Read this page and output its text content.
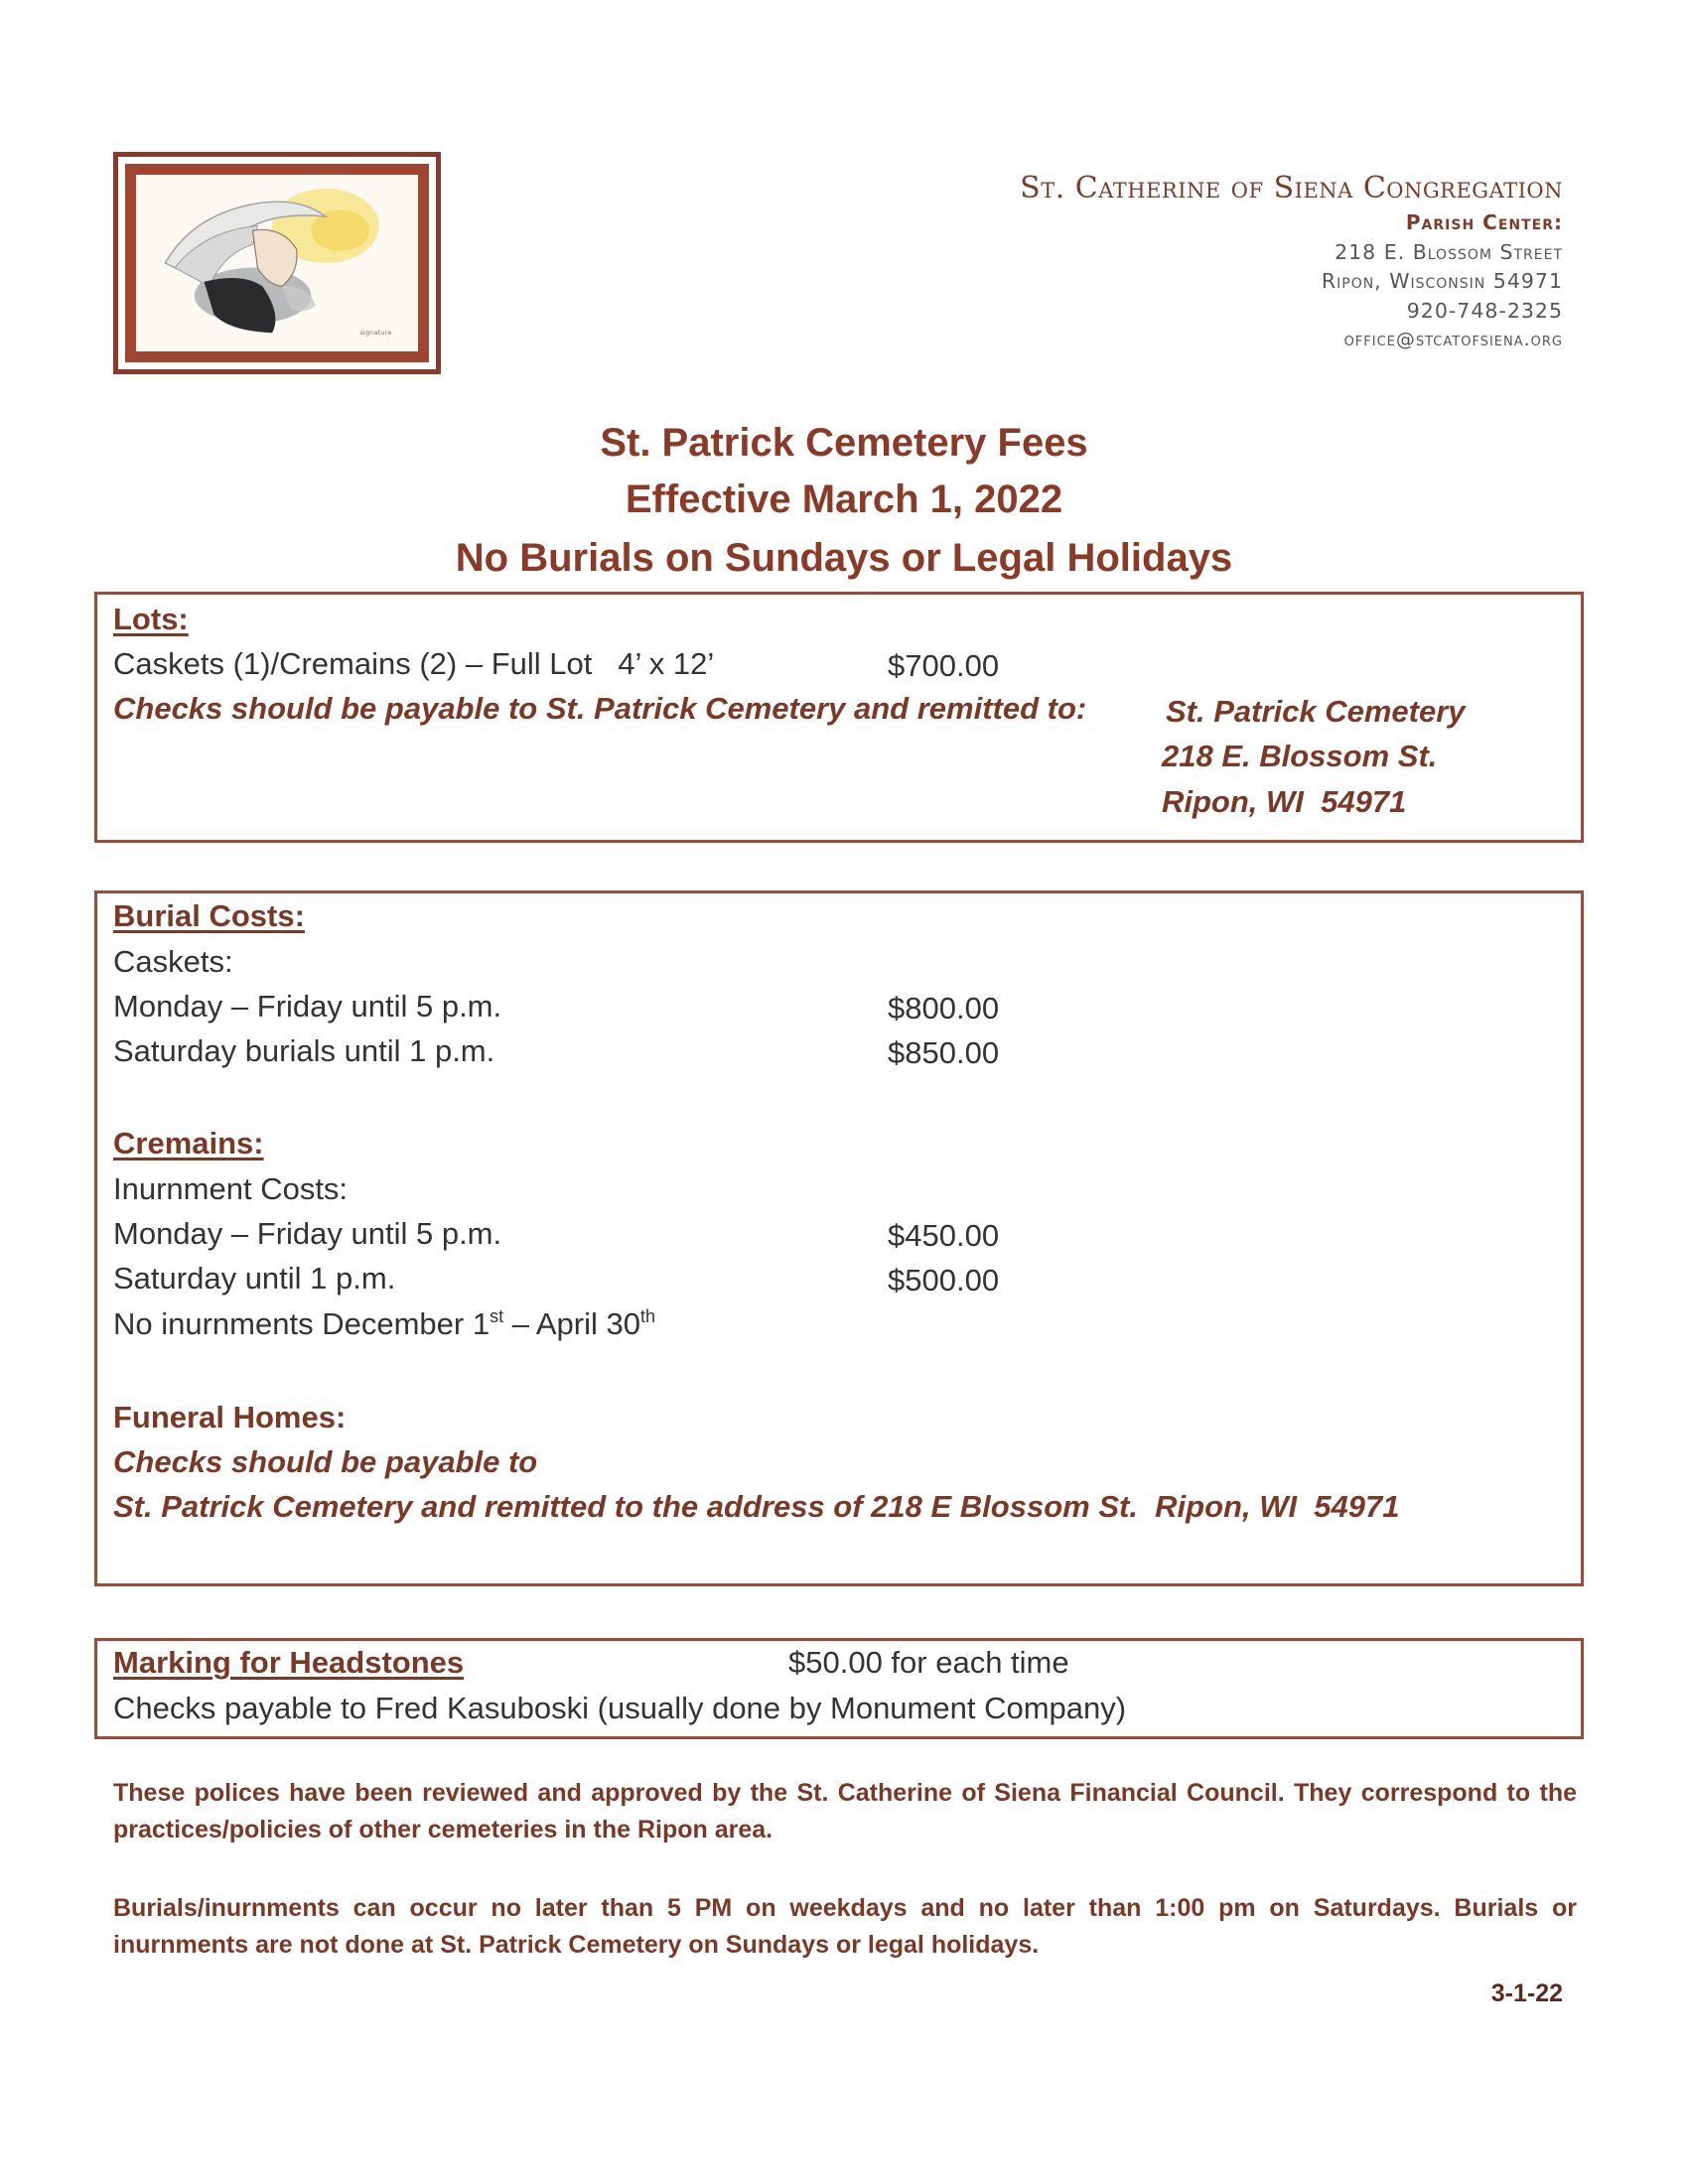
signature
St. Catherine of Siena Congregation
Parish Center:
218 E. Blossom Street
Ripon, Wisconsin 54971
920-748-2325
office@stcatofsiena.org
St. Patrick Cemetery Fees
Effective March 1, 2022
No Burials on Sundays or Legal Holidays
Lots:
Caskets (1)/Cremains (2) – Full Lot   4’ x 12’	$700.00
Checks should be payable to St. Patrick Cemetery and remitted to:	St. Patrick Cemetery
218 E. Blossom St.
Ripon, WI  54971
Burial Costs:
Caskets:
Monday – Friday until 5 p.m.	$800.00
Saturday burials until 1 p.m.	$850.00
Cremains:
Inurnment Costs:
Monday – Friday until 5 p.m.	$450.00
Saturday until 1 p.m.	$500.00
No inurnments December 1st – April 30th
Funeral Homes:
Checks should be payable to
St. Patrick Cemetery and remitted to the address of 218 E Blossom St.  Ripon, WI  54971
Marking for Headstones	$50.00 for each time
Checks payable to Fred Kasuboski (usually done by Monument Company)
These polices have been reviewed and approved by the St. Catherine of Siena Financial Council. They correspond to the practices/policies of other cemeteries in the Ripon area.
Burials/inurnments can occur no later than 5 PM on weekdays and no later than 1:00 pm on Saturdays. Burials or inurnments are not done at St. Patrick Cemetery on Sundays or legal holidays.
3-1-22
